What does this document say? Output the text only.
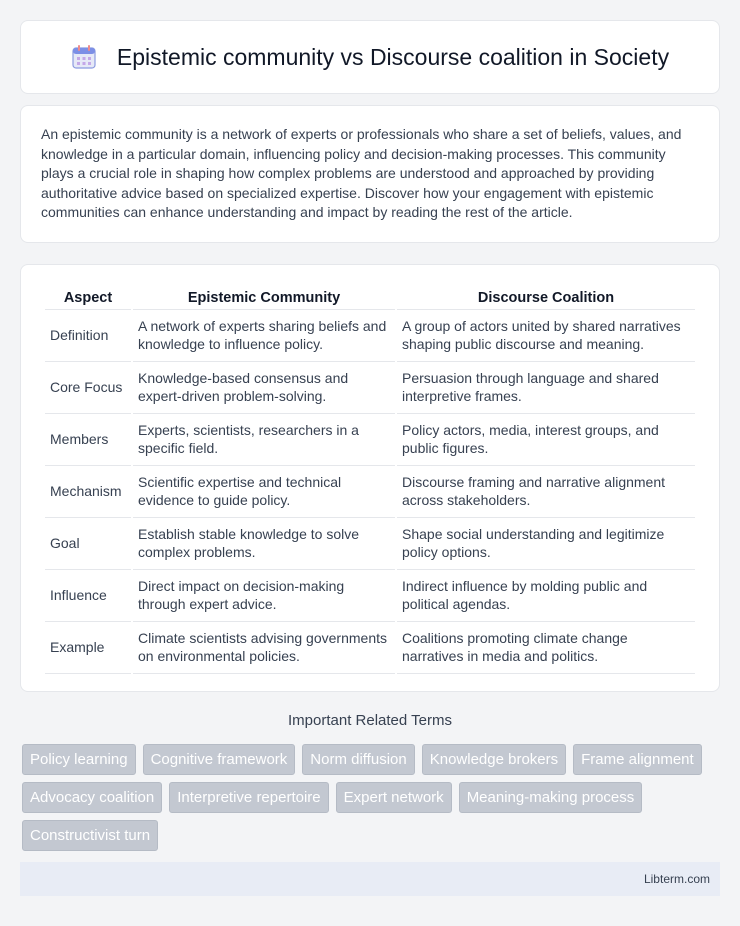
Epistemic community vs Discourse coalition in Society

An epistemic community is a network of experts or professionals who share a set of beliefs, values, and knowledge in a particular domain, influencing policy and decision-making processes. This community plays a crucial role in shaping how complex problems are understood and approached by providing authoritative advice based on specialized expertise. Discover how your engagement with epistemic communities can enhance understanding and impact by reading the rest of the article.

Aspect	Epistemic Community	Discourse Coalition
Definition	A network of experts sharing beliefs and knowledge to influence policy.	A group of actors united by shared narratives shaping public discourse and meaning.
Core Focus	Knowledge-based consensus and expert-driven problem-solving.	Persuasion through language and shared interpretive frames.
Members	Experts, scientists, researchers in a specific field.	Policy actors, media, interest groups, and public figures.
Mechanism	Scientific expertise and technical evidence to guide policy.	Discourse framing and narrative alignment across stakeholders.
Goal	Establish stable knowledge to solve complex problems.	Shape social understanding and legitimize policy options.
Influence	Direct impact on decision-making through expert advice.	Indirect influence by molding public and political agendas.
Example	Climate scientists advising governments on environmental policies.	Coalitions promoting climate change narratives in media and politics.
Important Related Terms
Policy learning	Cognitive framework	Norm diffusion	Knowledge brokers	Frame alignment
Advocacy coalition	Interpretive repertoire	Expert network	Meaning-making process
Constructivist turn
Libterm.com
